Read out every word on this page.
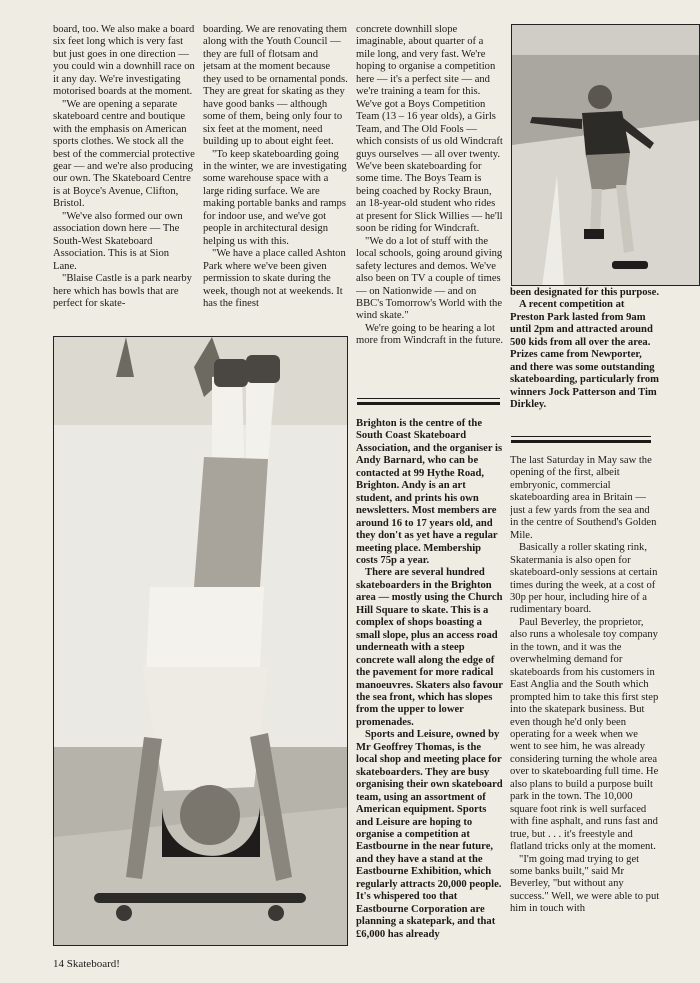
board, too. We also make a board six feet long which is very fast but just goes in one direction — you could win a downhill race on it any day. We're investigating motorised boards at the moment.

"We are opening a separate skateboard centre and boutique with the emphasis on American sports clothes. We stock all the best of the commercial protective gear — and we're also producing our own. The Skateboard Centre is at Boyce's Avenue, Clifton, Bristol.

"We've also formed our own association down here — The South-West Skateboard Association. This is at Sion Lane.

"Blaise Castle is a park nearby here which has bowls that are perfect for skate-

boarding. We are renovating them along with the Youth Council — they are full of flotsam and jetsam at the moment because they used to be ornamental ponds. They are great for skating as they have good banks — although some of them, being only four to six feet at the moment, need building up to about eight feet.

"To keep skateboarding going in the winter, we are investigating some warehouse space with a large riding surface. We are making portable banks and ramps for indoor use, and we've got people in architectural design helping us with this.

"We have a place called Ashton Park where we've been given permission to skate during the week, though not at weekends. It has the finest

concrete downhill slope imaginable, about quarter of a mile long, and very fast. We're hoping to organise a competition here — it's a perfect site — and we're training a team for this. We've got a Boys Competition Team (13 – 16 year olds), a Girls Team, and The Old Fools — which consists of us old Windcraft guys ourselves — all over twenty. We've been skateboarding for some time. The Boys Team is being coached by Rocky Braun, an 18-year-old student who rides at present for Slick Willies — he'll soon be riding for Windcraft.

"We do a lot of stuff with the local schools, going around giving safety lectures and demos. We've also been on TV a couple of times — on Nationwide — and on BBC's Tomorrow's World with the wind skate."

We're going to be hearing a lot more from Windcraft in the future.

Brighton is the centre of the South Coast Skateboard Association, and the organiser is Andy Barnard, who can be contacted at 99 Hythe Road, Brighton. Andy is an art student, and prints his own newsletters. Most members are around 16 to 17 years old, and they don't as yet have a regular meeting place. Membership costs 75p a year.

There are several hundred skateboarders in the Brighton area — mostly using the Church Hill Square to skate. This is a complex of shops boasting a small slope, plus an access road underneath with a steep concrete wall along the edge of the pavement for more radical manoeuvres. Skaters also favour the sea front, which has slopes from the upper to lower promenades.

Sports and Leisure, owned by Mr Geoffrey Thomas, is the local shop and meeting place for skateboarders. They are busy organising their own skateboard team, using an assortment of American equipment. Sports and Leisure are hoping to organise a competition at Eastbourne in the near future, and they have a stand at the Eastbourne Exhibition, which regularly attracts 20,000 people. It's whispered too that Eastbourne Corporation are planning a skatepark, and that £6,000 has already

been designated for this purpose.

A recent competition at Preston Park lasted from 9am until 2pm and attracted around 500 kids from all over the area. Prizes came from Newporter, and there was some outstanding skateboarding, particularly from winners Jock Patterson and Tim Dirkley.

The last Saturday in May saw the opening of the first, albeit embryonic, commercial skateboarding area in Britain — just a few yards from the sea and in the centre of Southend's Golden Mile.

Basically a roller skating rink, Skatermania is also open for skateboard-only sessions at certain times during the week, at a cost of 30p per hour, including hire of a rudimentary board.

Paul Beverley, the proprietor, also runs a wholesale toy company in the town, and it was the overwhelming demand for skateboards from his customers in East Anglia and the South which prompted him to take this first step into the skatepark business. But even though he'd only been operating for a week when we went to see him, he was already considering turning the whole area over to skateboarding full time. He also plans to build a purpose built park in the town. The 10,000 square foot rink is well surfaced with fine asphalt, and runs fast and true, but . . . it's freestyle and flatland tricks only at the moment.

"I'm going mad trying to get some banks built," said Mr Beverley, "but without any success." Well, we were able to put him in touch with

14 Skateboard!
